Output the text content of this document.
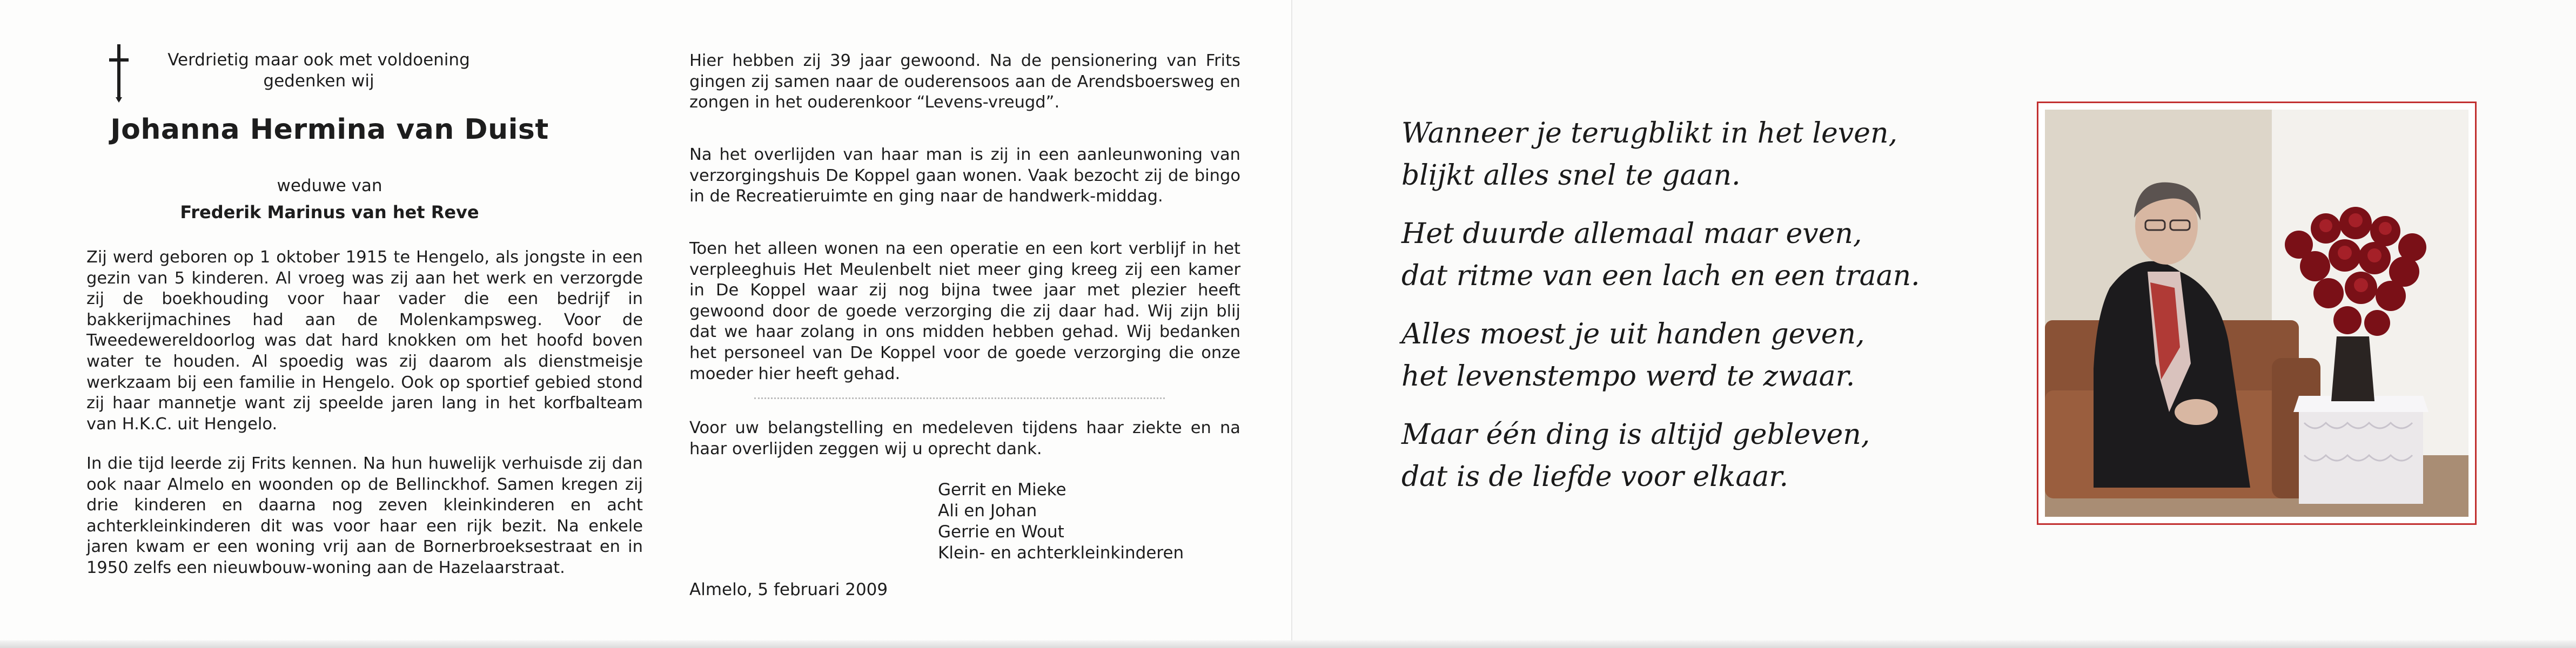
Verdrietig maar ook met voldoening
gedenken wij
Johanna Hermina van Duist
weduwe van
Frederik Marinus van het Reve
Zij werd geboren op 1 oktober 1915 te Hengelo, als jongste in een gezin van 5 kinderen. Al vroeg was zij aan het werk en verzorgde zij de boekhouding voor haar vader die een bedrijf in bakkerijmachines had aan de Molenkampsweg. Voor de Tweedewereldoorlog was dat hard knokken om het hoofd boven water te houden. Al spoedig was zij daarom als dienstmeisje werkzaam bij een familie in Hengelo. Ook op sportief gebied stond zij haar mannetje want zij speelde jaren lang in het korfbalteam van H.K.C. uit Hengelo.
In die tijd leerde zij Frits kennen. Na hun huwelijk verhuisde zij dan ook naar Almelo en woonden op de Bellinckhof. Samen kregen zij drie kinderen en daarna nog zeven kleinkinderen en acht achterkleinkinderen dit was voor haar een rijk bezit. Na enkele jaren kwam er een woning vrij aan de Bornerbroeksestraat en in 1950 zelfs een nieuwbouw-woning aan de Hazelaarstraat.
Hier hebben zij 39 jaar gewoond. Na de pensionering van Frits gingen zij samen naar de ouderensoos aan de Arendsboersweg en zongen in het ouderenkoor “Levens-vreugd”.
Na het overlijden van haar man is zij in een aanleunwoning van verzorgingshuis De Koppel gaan wonen. Vaak bezocht zij de bingo in de Recreatieruimte en ging naar de handwerk-middag.
Toen het alleen wonen na een operatie en een kort verblijf in het verpleeghuis Het Meulenbelt niet meer ging kreeg zij een kamer in De Koppel waar zij nog bijna twee jaar met plezier heeft gewoond door de goede verzorging die zij daar had. Wij zijn blij dat we haar zolang in ons midden hebben gehad. Wij bedanken het personeel van De Koppel voor de goede verzorging die onze moeder hier heeft gehad.
Voor uw belangstelling en medeleven tijdens haar ziekte en na haar overlijden zeggen wij u oprecht dank.
Gerrit en Mieke
Ali en Johan
Gerrie en Wout
Klein- en achterkleinkinderen
Almelo, 5 februari 2009
Wanneer je terugblikt in het leven,
blijkt alles snel te gaan.
Het duurde allemaal maar even,
dat ritme van een lach en een traan.
Alles moest je uit handen geven,
het levenstempo werd te zwaar.
Maar één ding is altijd gebleven,
dat is de liefde voor elkaar.
